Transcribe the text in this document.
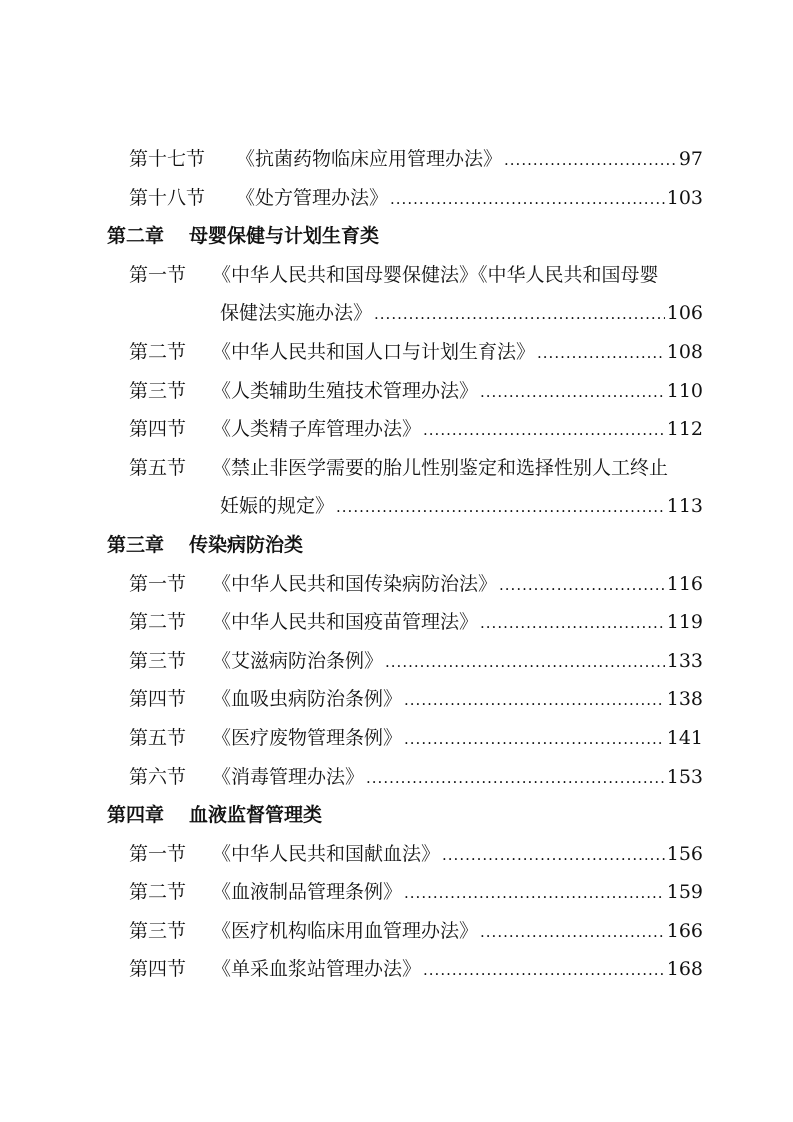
第十七节 《抗菌药物临床应用管理办法》 .....	97
第十八节 《处方管理办法》 .....	103
第二章 母婴保健与计划生育类
第一节 《中华人民共和国母婴保健法》《中华人民共和国母婴
保健法实施办法》 .....	106
第二节 《中华人民共和国人口与计划生育法》 .....	108
第三节 《人类辅助生殖技术管理办法》 .....	110
第四节 《人类精子库管理办法》 .....	112
第五节 《禁止非医学需要的胎儿性别鉴定和选择性别人工终止
妊娠的规定》 .....	113
第三章 传染病防治类
第一节 《中华人民共和国传染病防治法》 .....	116
第二节 《中华人民共和国疫苗管理法》 .....	119
第三节 《艾滋病防治条例》 .....	133
第四节 《血吸虫病防治条例》 .....	138
第五节 《医疗废物管理条例》 .....	141
第六节 《消毒管理办法》 .....	153
第四章 血液监督管理类
第一节 《中华人民共和国献血法》 .....	156
第二节 《血液制品管理条例》 .....	159
第三节 《医疗机构临床用血管理办法》 .....	166
第四节 《单采血浆站管理办法》 .....	168
